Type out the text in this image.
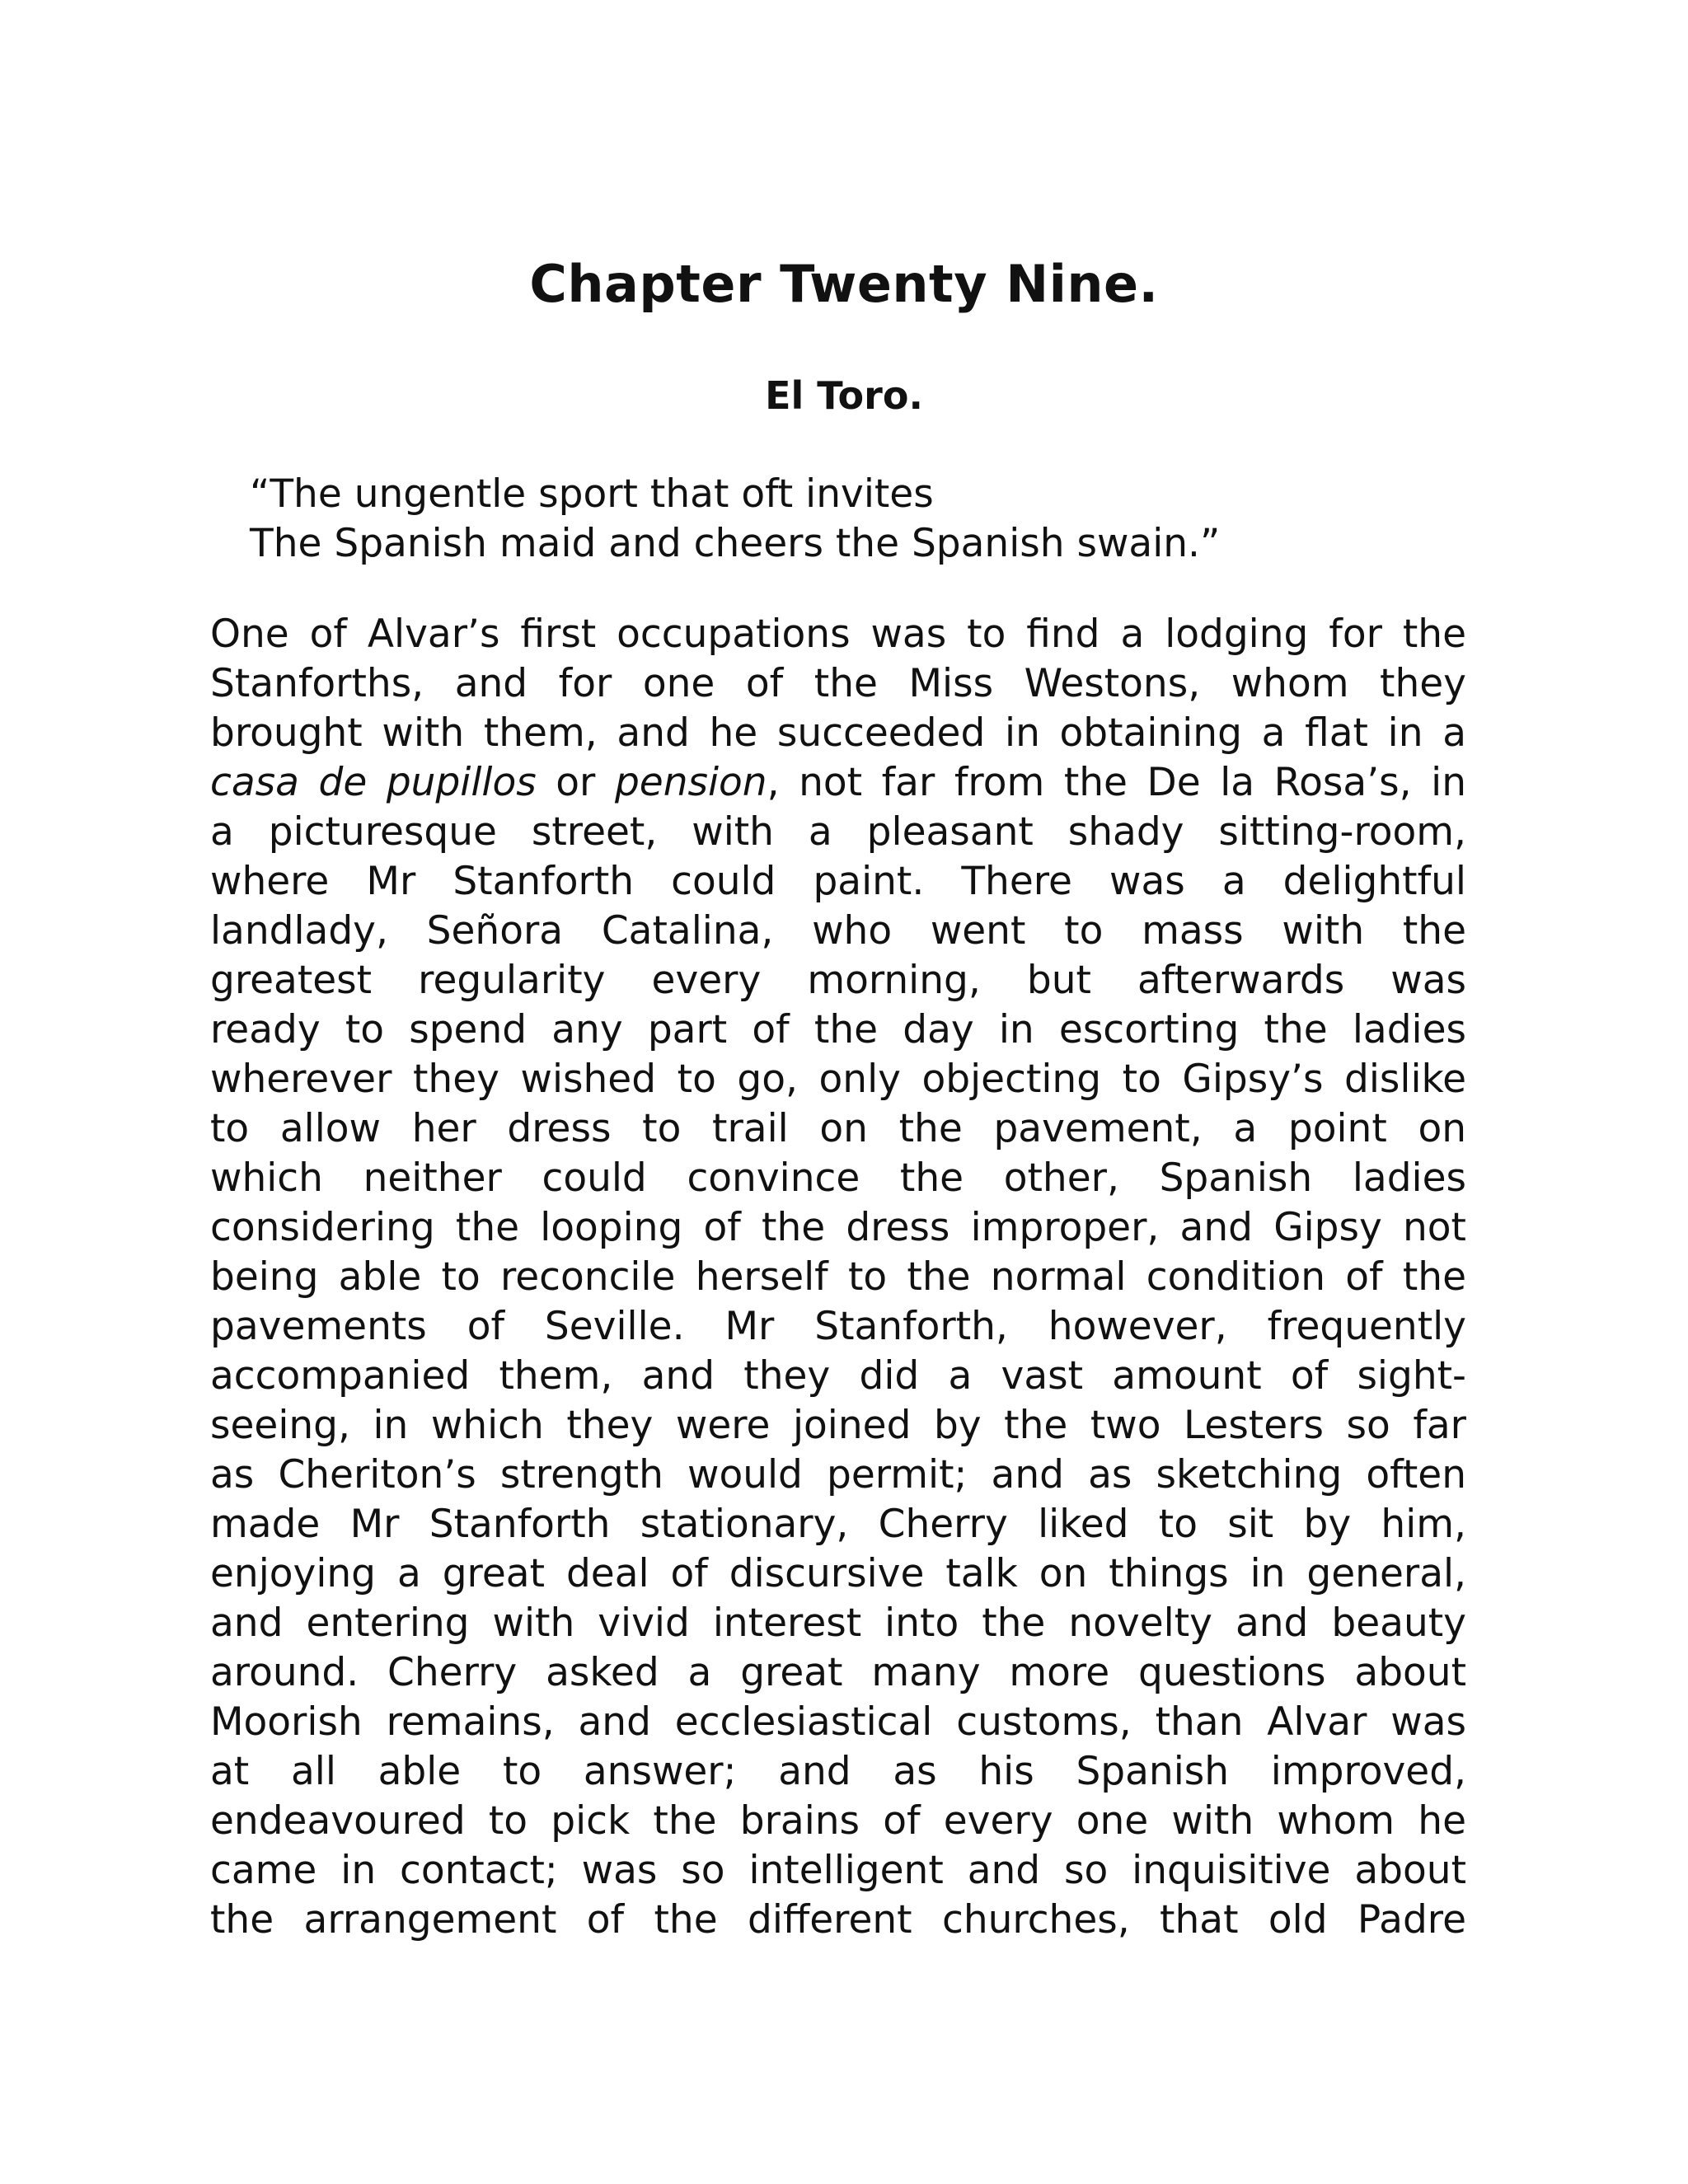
Chapter Twenty Nine.
El Toro.
“The ungentle sport that oft invites
The Spanish maid and cheers the Spanish swain.”
One of Alvar’s first occupations was to find a lodging for the
Stanforths, and for one of the Miss Westons, whom they
brought with them, and he succeeded in obtaining a flat in a
casa de pupillos or pension, not far from the De la Rosa’s, in
a picturesque street, with a pleasant shady sitting-room,
where Mr Stanforth could paint. There was a delightful
landlady, Señora Catalina, who went to mass with the
greatest regularity every morning, but afterwards was
ready to spend any part of the day in escorting the ladies
wherever they wished to go, only objecting to Gipsy’s dislike
to allow her dress to trail on the pavement, a point on
which neither could convince the other, Spanish ladies
considering the looping of the dress improper, and Gipsy not
being able to reconcile herself to the normal condition of the
pavements of Seville. Mr Stanforth, however, frequently
accompanied them, and they did a vast amount of sight-
seeing, in which they were joined by the two Lesters so far
as Cheriton’s strength would permit; and as sketching often
made Mr Stanforth stationary, Cherry liked to sit by him,
enjoying a great deal of discursive talk on things in general,
and entering with vivid interest into the novelty and beauty
around. Cherry asked a great many more questions about
Moorish remains, and ecclesiastical customs, than Alvar was
at all able to answer; and as his Spanish improved,
endeavoured to pick the brains of every one with whom he
came in contact; was so intelligent and so inquisitive about
the arrangement of the different churches, that old Padre
